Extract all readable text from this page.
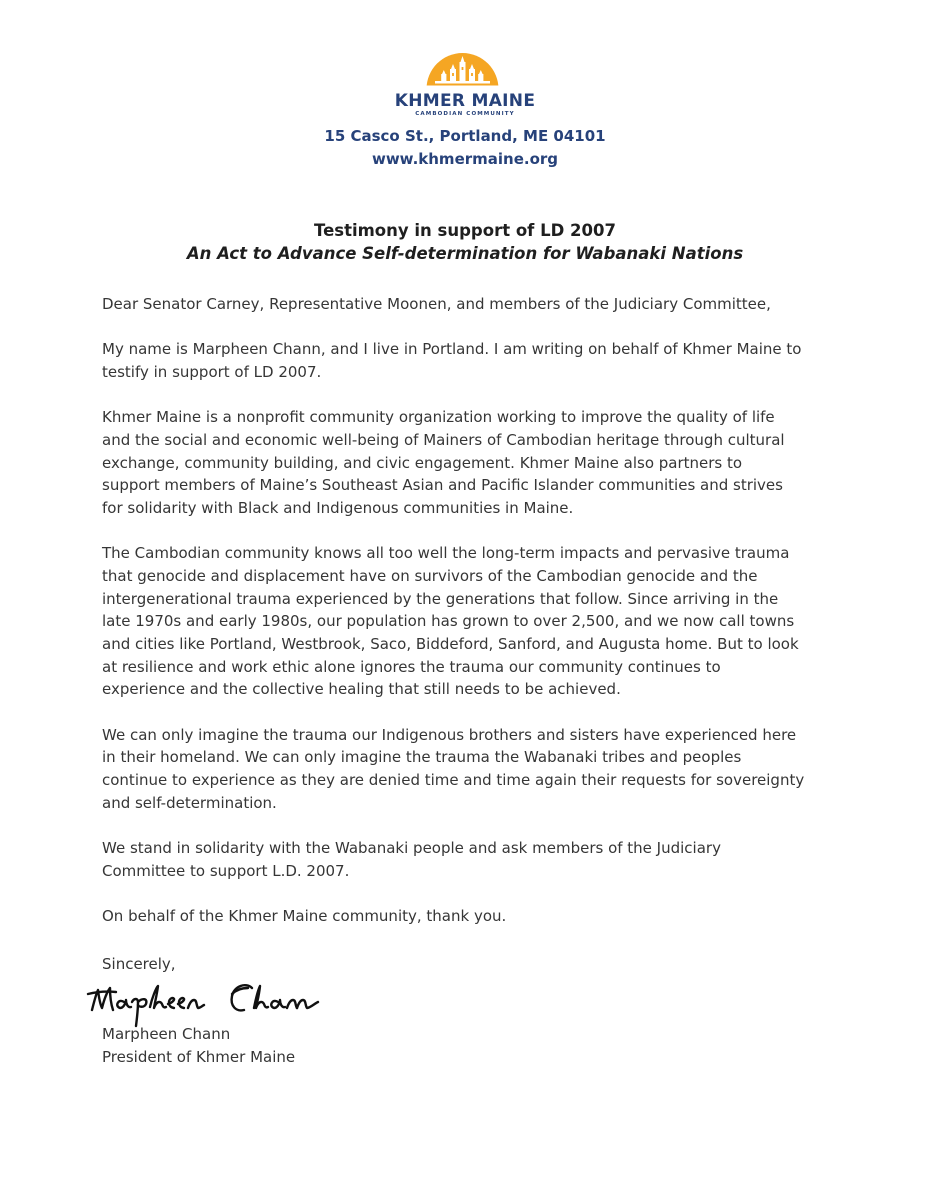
KHMER MAINE
CAMBODIAN COMMUNITY
15 Casco St., Portland, ME 04101
www.khmermaine.org
Testimony in support of LD 2007
An Act to Advance Self-determination for Wabanaki Nations

Dear Senator Carney, Representative Moonen, and members of the Judiciary Committee,

My name is Marpheen Chann, and I live in Portland. I am writing on behalf of Khmer Maine to
testify in support of LD 2007.

Khmer Maine is a nonprofit community organization working to improve the quality of life
and the social and economic well-being of Mainers of Cambodian heritage through cultural
exchange, community building, and civic engagement. Khmer Maine also partners to
support members of Maine’s Southeast Asian and Pacific Islander communities and strives
for solidarity with Black and Indigenous communities in Maine.

The Cambodian community knows all too well the long-term impacts and pervasive trauma
that genocide and displacement have on survivors of the Cambodian genocide and the
intergenerational trauma experienced by the generations that follow. Since arriving in the
late 1970s and early 1980s, our population has grown to over 2,500, and we now call towns
and cities like Portland, Westbrook, Saco, Biddeford, Sanford, and Augusta home. But to look
at resilience and work ethic alone ignores the trauma our community continues to
experience and the collective healing that still needs to be achieved.

We can only imagine the trauma our Indigenous brothers and sisters have experienced here
in their homeland. We can only imagine the trauma the Wabanaki tribes and peoples
continue to experience as they are denied time and time again their requests for sovereignty
and self-determination.

We stand in solidarity with the Wabanaki people and ask members of the Judiciary
Committee to support L.D. 2007.

On behalf of the Khmer Maine community, thank you.

Sincerely,
Marpheen Chann
President of Khmer Maine
